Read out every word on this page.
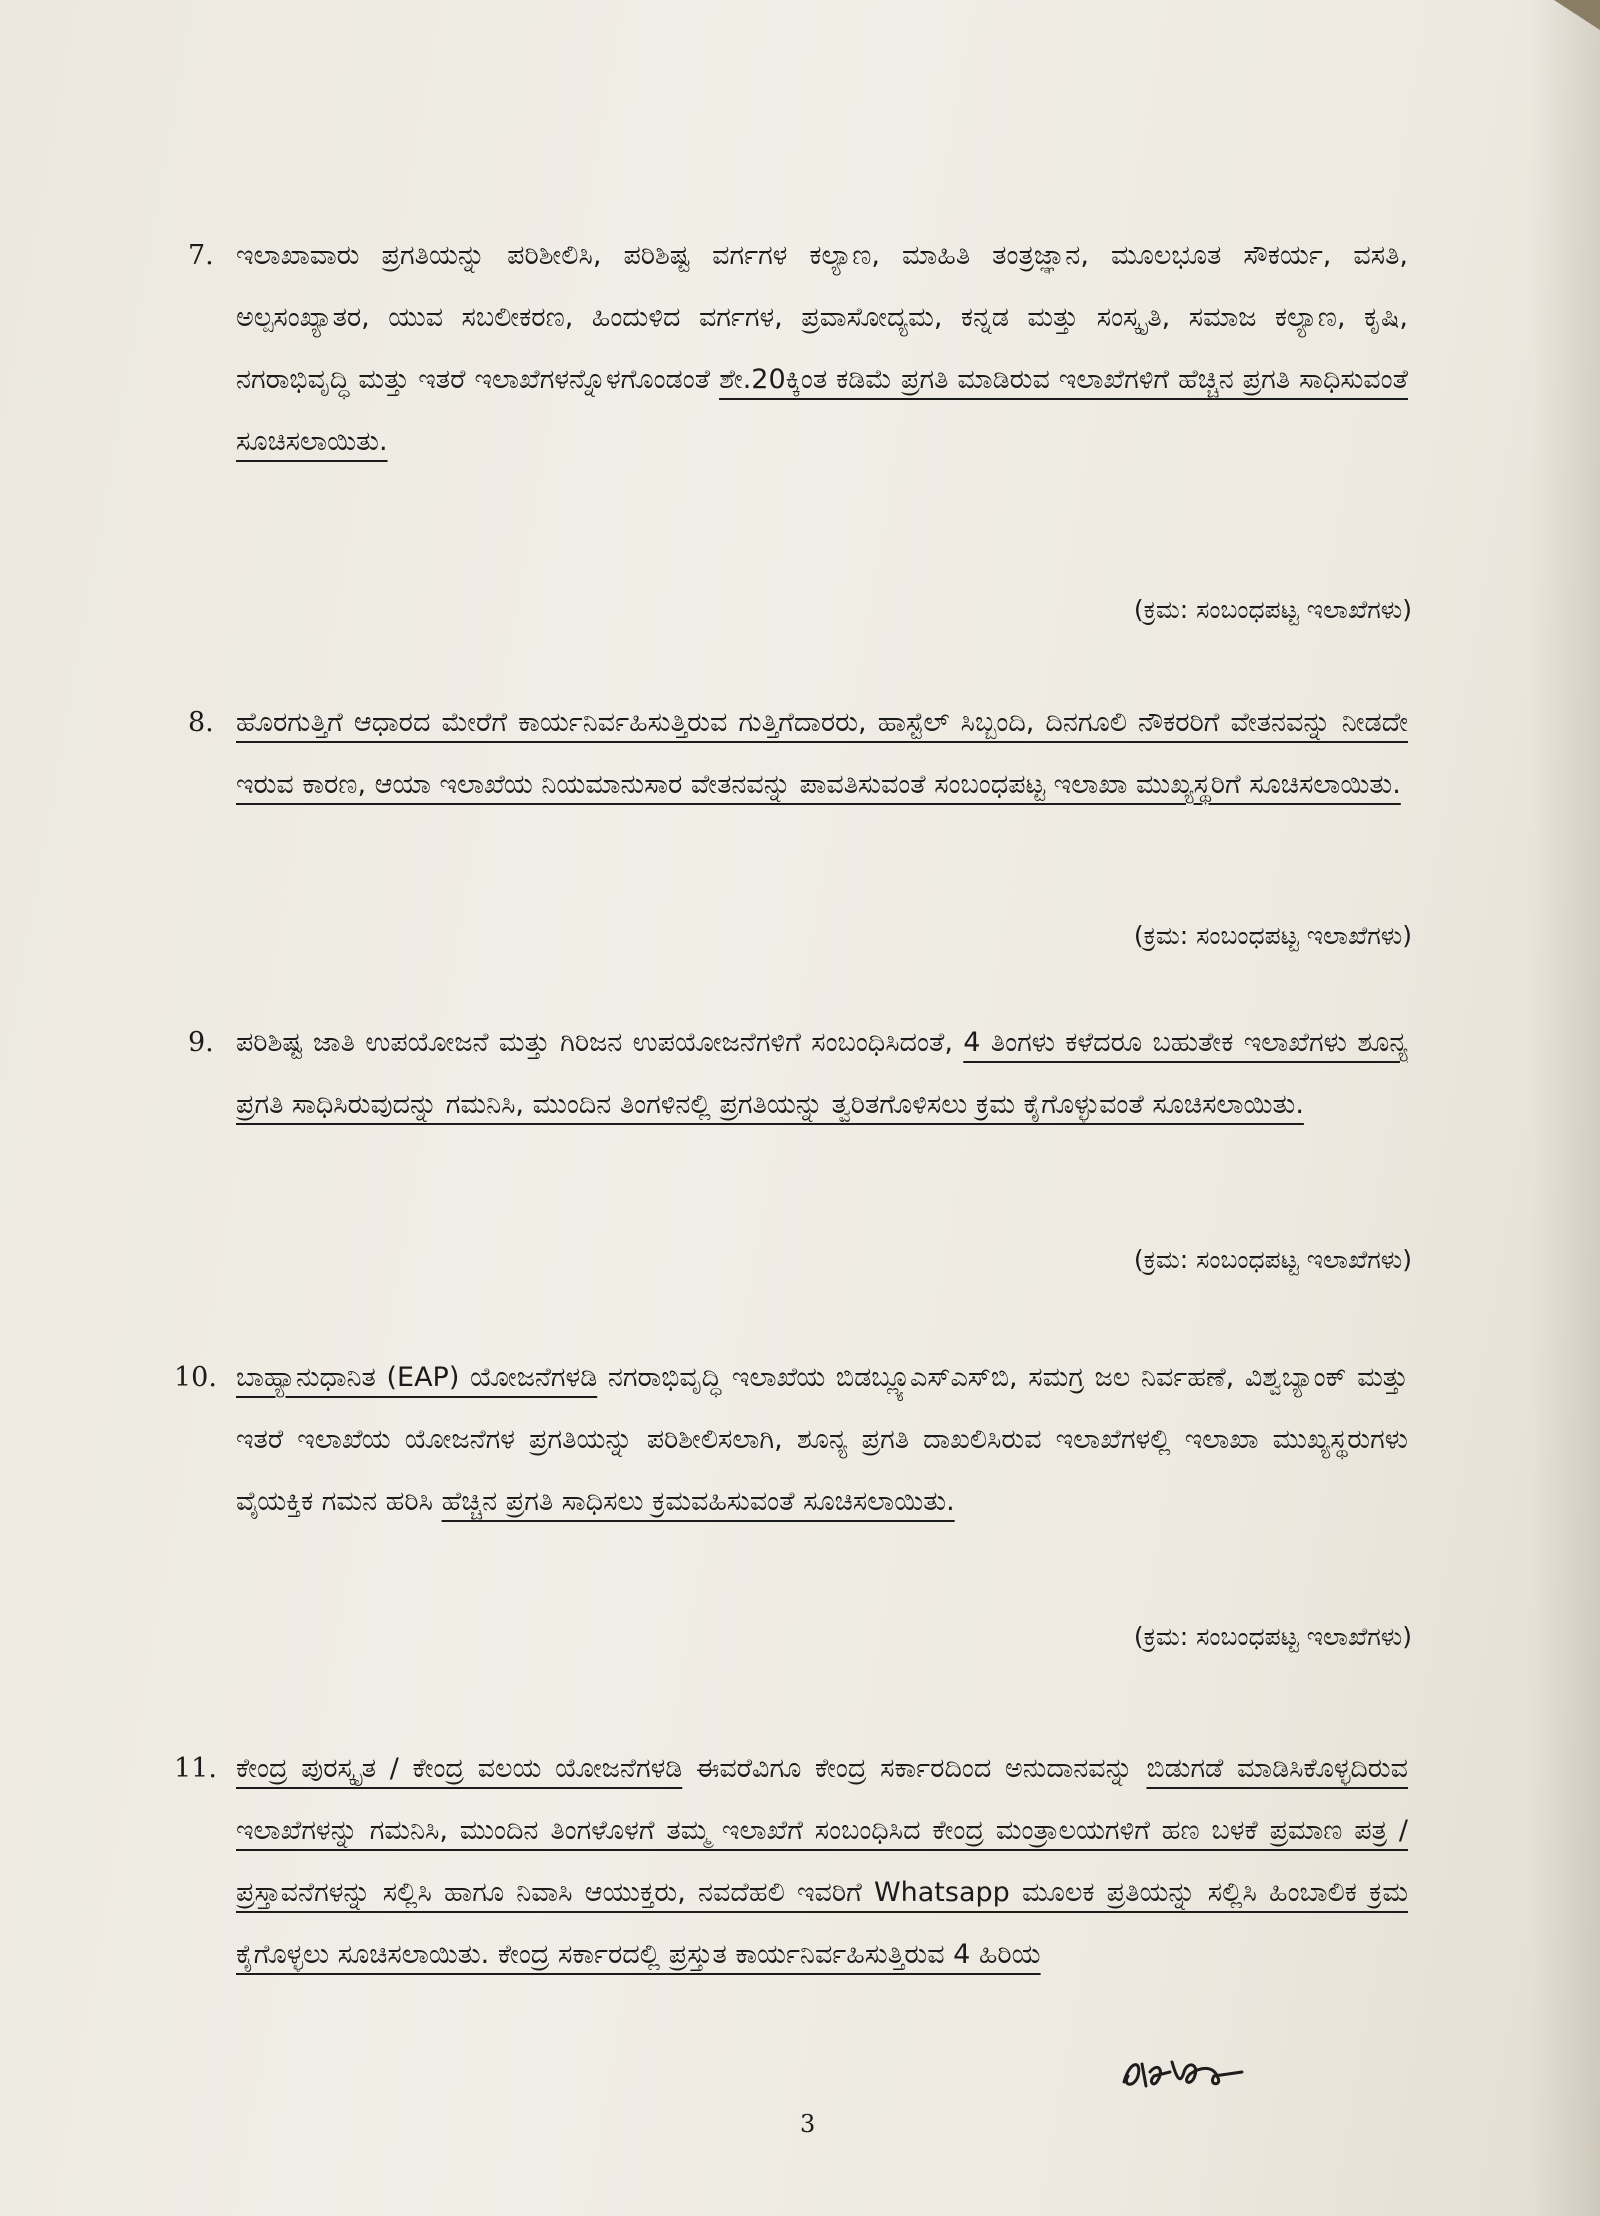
7. ಇಲಾಖಾವಾರು ಪ್ರಗತಿಯನ್ನು ಪರಿಶೀಲಿಸಿ, ಪರಿಶಿಷ್ಟ ವರ್ಗಗಳ ಕಲ್ಯಾಣ, ಮಾಹಿತಿ ತಂತ್ರಜ್ಞಾನ, ಮೂಲಭೂತ ಸೌಕರ್ಯ, ವಸತಿ, ಅಲ್ಪಸಂಖ್ಯಾತರ, ಯುವ ಸಬಲೀಕರಣ, ಹಿಂದುಳಿದ ವರ್ಗಗಳ, ಪ್ರವಾಸೋದ್ಯಮ, ಕನ್ನಡ ಮತ್ತು ಸಂಸ್ಕೃತಿ, ಸಮಾಜ ಕಲ್ಯಾಣ, ಕೃಷಿ, ನಗರಾಭಿವೃದ್ಧಿ ಮತ್ತು ಇತರೆ ಇಲಾಖೆಗಳನ್ನೊಳಗೊಂಡಂತೆ ಶೇ.20ಕ್ಕಿಂತ ಕಡಿಮೆ ಪ್ರಗತಿ ಮಾಡಿರುವ ಇಲಾಖೆಗಳಿಗೆ ಹೆಚ್ಚಿನ ಪ್ರಗತಿ ಸಾಧಿಸುವಂತೆ ಸೂಚಿಸಲಾಯಿತು.
(ಕ್ರಮ: ಸಂಬಂಧಪಟ್ಟ ಇಲಾಖೆಗಳು)
8. ಹೊರಗುತ್ತಿಗೆ ಆಧಾರದ ಮೇರೆಗೆ ಕಾರ್ಯನಿರ್ವಹಿಸುತ್ತಿರುವ ಗುತ್ತಿಗೆದಾರರು, ಹಾಸ್ಟೆಲ್ ಸಿಬ್ಬಂದಿ, ದಿನಗೂಲಿ ನೌಕರರಿಗೆ ವೇತನವನ್ನು ನೀಡದೇ ಇರುವ ಕಾರಣ, ಆಯಾ ಇಲಾಖೆಯ ನಿಯಮಾನುಸಾರ ವೇತನವನ್ನು ಪಾವತಿಸುವಂತೆ ಸಂಬಂಧಪಟ್ಟ ಇಲಾಖಾ ಮುಖ್ಯಸ್ಥರಿಗೆ ಸೂಚಿಸಲಾಯಿತು.
(ಕ್ರಮ: ಸಂಬಂಧಪಟ್ಟ ಇಲಾಖೆಗಳು)
9. ಪರಿಶಿಷ್ಟ ಜಾತಿ ಉಪಯೋಜನೆ ಮತ್ತು ಗಿರಿಜನ ಉಪಯೋಜನೆಗಳಿಗೆ ಸಂಬಂಧಿಸಿದಂತೆ, 4 ತಿಂಗಳು ಕಳೆದರೂ ಬಹುತೇಕ ಇಲಾಖೆಗಳು ಶೂನ್ಯ ಪ್ರಗತಿ ಸಾಧಿಸಿರುವುದನ್ನು ಗಮನಿಸಿ, ಮುಂದಿನ ತಿಂಗಳಿನಲ್ಲಿ ಪ್ರಗತಿಯನ್ನು ತ್ವರಿತಗೊಳಿಸಲು ಕ್ರಮ ಕೈಗೊಳ್ಳುವಂತೆ ಸೂಚಿಸಲಾಯಿತು.
(ಕ್ರಮ: ಸಂಬಂಧಪಟ್ಟ ಇಲಾಖೆಗಳು)
10. ಬಾಹ್ಯಾನುಧಾನಿತ (EAP) ಯೋಜನೆಗಳಡಿ ನಗರಾಭಿವೃದ್ಧಿ ಇಲಾಖೆಯ ಬಿಡಬ್ಲ್ಯೂಎಸ್‌ಎಸ್‌ಬಿ, ಸಮಗ್ರ ಜಲ ನಿರ್ವಹಣೆ, ವಿಶ್ವಬ್ಯಾಂಕ್ ಮತ್ತು ಇತರೆ ಇಲಾಖೆಯ ಯೋಜನೆಗಳ ಪ್ರಗತಿಯನ್ನು ಪರಿಶೀಲಿಸಲಾಗಿ, ಶೂನ್ಯ ಪ್ರಗತಿ ದಾಖಲಿಸಿರುವ ಇಲಾಖೆಗಳಲ್ಲಿ ಇಲಾಖಾ ಮುಖ್ಯಸ್ಥರುಗಳು ವೈಯಕ್ತಿಕ ಗಮನ ಹರಿಸಿ ಹೆಚ್ಚಿನ ಪ್ರಗತಿ ಸಾಧಿಸಲು ಕ್ರಮವಹಿಸುವಂತೆ ಸೂಚಿಸಲಾಯಿತು.
(ಕ್ರಮ: ಸಂಬಂಧಪಟ್ಟ ಇಲಾಖೆಗಳು)
11. ಕೇಂದ್ರ ಪುರಸ್ಕೃತ / ಕೇಂದ್ರ ವಲಯ ಯೋಜನೆಗಳಡಿ ಈವರೆವಿಗೂ ಕೇಂದ್ರ ಸರ್ಕಾರದಿಂದ ಅನುದಾನವನ್ನು ಬಿಡುಗಡೆ ಮಾಡಿಸಿಕೊಳ್ಳದಿರುವ ಇಲಾಖೆಗಳನ್ನು ಗಮನಿಸಿ, ಮುಂದಿನ ತಿಂಗಳೊಳಗೆ ತಮ್ಮ ಇಲಾಖೆಗೆ ಸಂಬಂಧಿಸಿದ ಕೇಂದ್ರ ಮಂತ್ರಾಲಯಗಳಿಗೆ ಹಣ ಬಳಕೆ ಪ್ರಮಾಣ ಪತ್ರ / ಪ್ರಸ್ತಾವನೆಗಳನ್ನು ಸಲ್ಲಿಸಿ ಹಾಗೂ ನಿವಾಸಿ ಆಯುಕ್ತರು, ನವದೆಹಲಿ ಇವರಿಗೆ Whatsapp ಮೂಲಕ ಪ್ರತಿಯನ್ನು ಸಲ್ಲಿಸಿ ಹಿಂಬಾಲಿಕ ಕ್ರಮ ಕೈಗೊಳ್ಳಲು ಸೂಚಿಸಲಾಯಿತು. ಕೇಂದ್ರ ಸರ್ಕಾರದಲ್ಲಿ ಪ್ರಸ್ತುತ ಕಾರ್ಯನಿರ್ವಹಿಸುತ್ತಿರುವ 4 ಹಿರಿಯ
3
